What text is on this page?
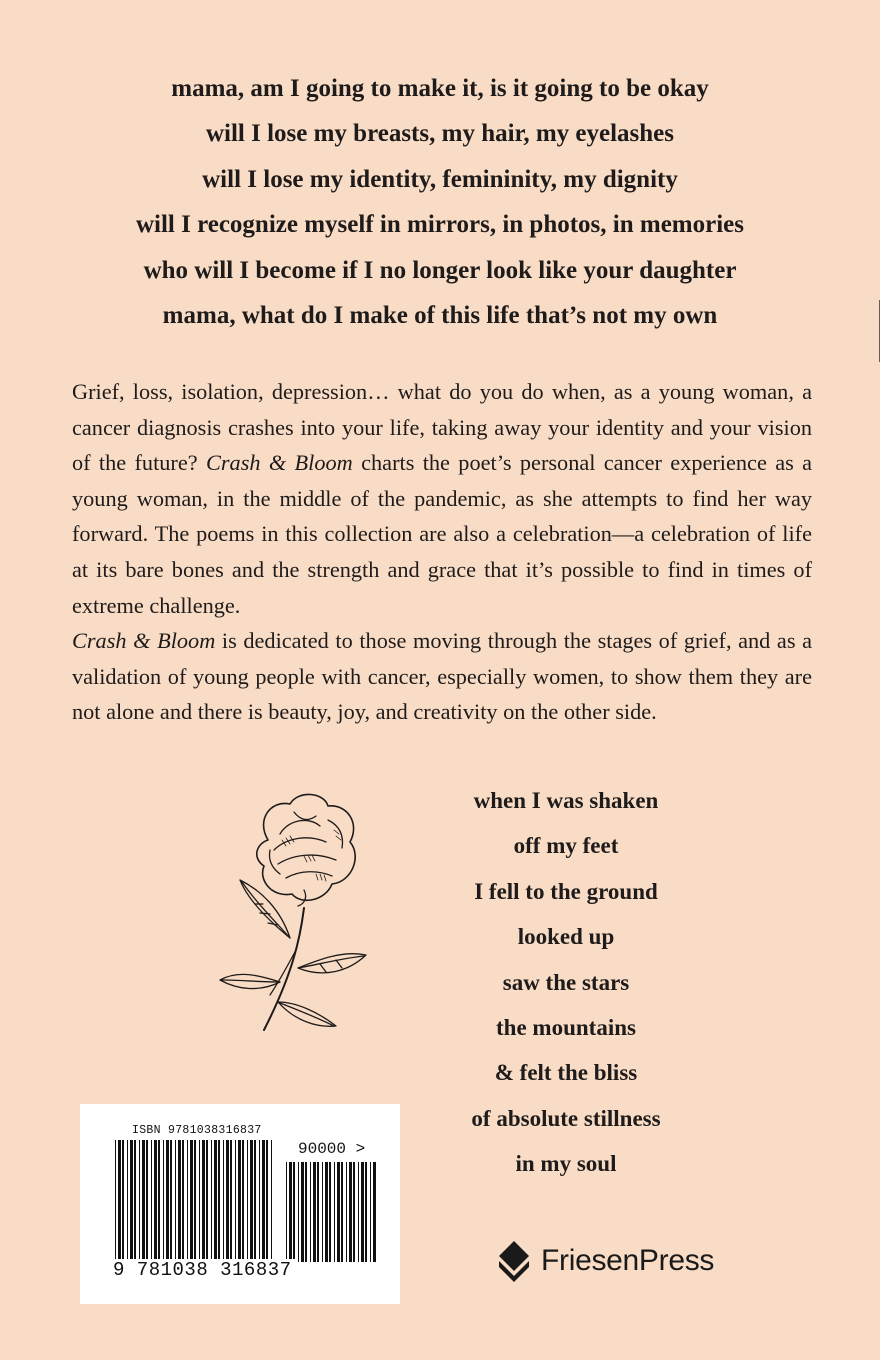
mama, am I going to make it, is it going to be okay
will I lose my breasts, my hair, my eyelashes
will I lose my identity, femininity, my dignity
will I recognize myself in mirrors, in photos, in memories
who will I become if I no longer look like your daughter
mama, what do I make of this life that’s not my own

Grief, loss, isolation, depression… what do you do when, as a young woman, a cancer diagnosis crashes into your life, taking away your identity and your vision of the future? Crash & Bloom charts the poet’s personal cancer experience as a young woman, in the middle of the pandemic, as she attempts to find her way forward. The poems in this collection are also a celebration—a celebration of life at its bare bones and the strength and grace that it’s possible to find in times of extreme challenge.

Crash & Bloom is dedicated to those moving through the stages of grief, and as a validation of young people with cancer, especially women, to show them they are not alone and there is beauty, joy, and creativity on the other side.

when I was shaken
off my feet
I fell to the ground
looked up
saw the stars
the mountains
& felt the bliss
of absolute stillness
in my soul
ISBN 9781038316837
90000 >
9 781038 316837	FriesenPress
